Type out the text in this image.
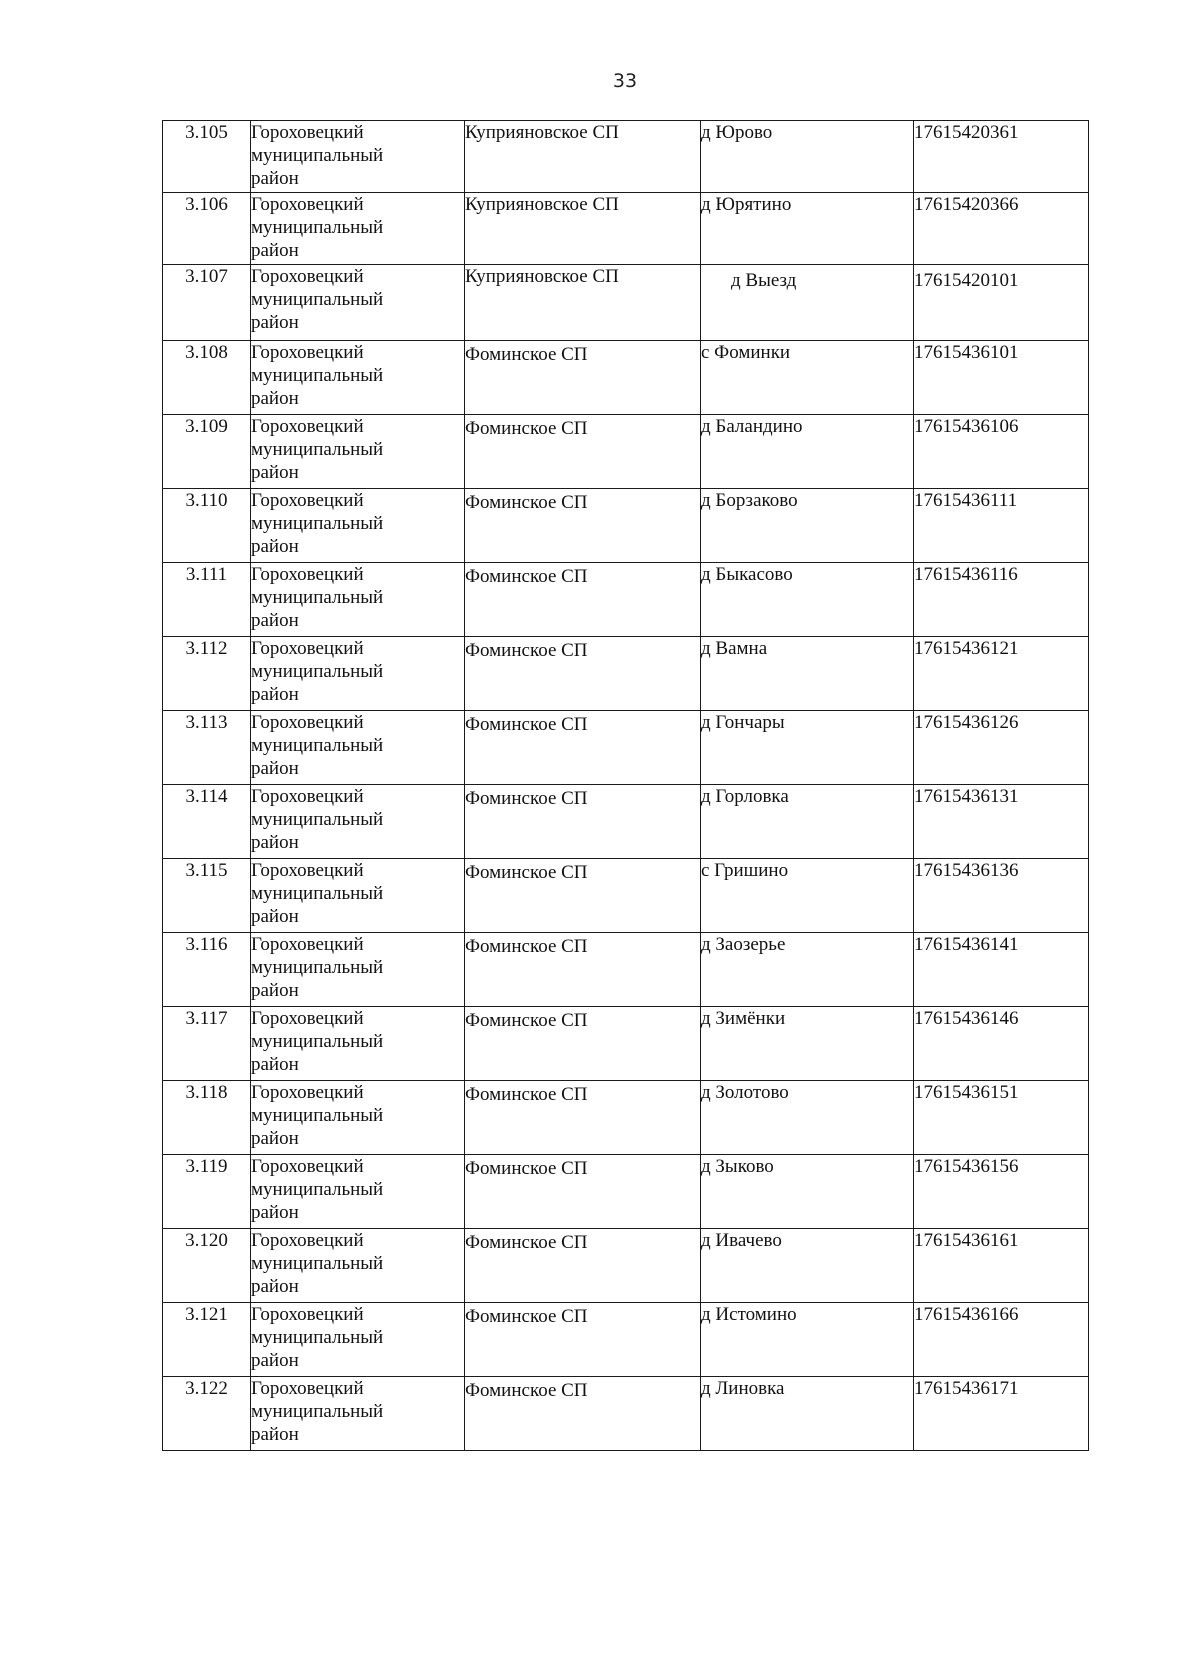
33
3.105	Гороховецкий
муниципальный
район	Куприяновское СП	д Юрово	17615420361
3.106	Гороховецкий
муниципальный
район	Куприяновское СП	д Юрятино	17615420366
3.107	Гороховецкий
муниципальный
район	Куприяновское СП	д Выезд	17615420101
3.108	Гороховецкий
муниципальный
район	Фоминское СП	с Фоминки	17615436101
3.109	Гороховецкий
муниципальный
район	Фоминское СП	д Баландино	17615436106
3.110	Гороховецкий
муниципальный
район	Фоминское СП	д Борзаково	17615436111
3.111	Гороховецкий
муниципальный
район	Фоминское СП	д Быкасово	17615436116
3.112	Гороховецкий
муниципальный
район	Фоминское СП	д Вамна	17615436121
3.113	Гороховецкий
муниципальный
район	Фоминское СП	д Гончары	17615436126
3.114	Гороховецкий
муниципальный
район	Фоминское СП	д Горловка	17615436131
3.115	Гороховецкий
муниципальный
район	Фоминское СП	с Гришино	17615436136
3.116	Гороховецкий
муниципальный
район	Фоминское СП	д Заозерье	17615436141
3.117	Гороховецкий
муниципальный
район	Фоминское СП	д Зимёнки	17615436146
3.118	Гороховецкий
муниципальный
район	Фоминское СП	д Золотово	17615436151
3.119	Гороховецкий
муниципальный
район	Фоминское СП	д Зыково	17615436156
3.120	Гороховецкий
муниципальный
район	Фоминское СП	д Ивачево	17615436161
3.121	Гороховецкий
муниципальный
район	Фоминское СП	д Истомино	17615436166
3.122	Гороховецкий
муниципальный
район	Фоминское СП	д Линовка	17615436171
